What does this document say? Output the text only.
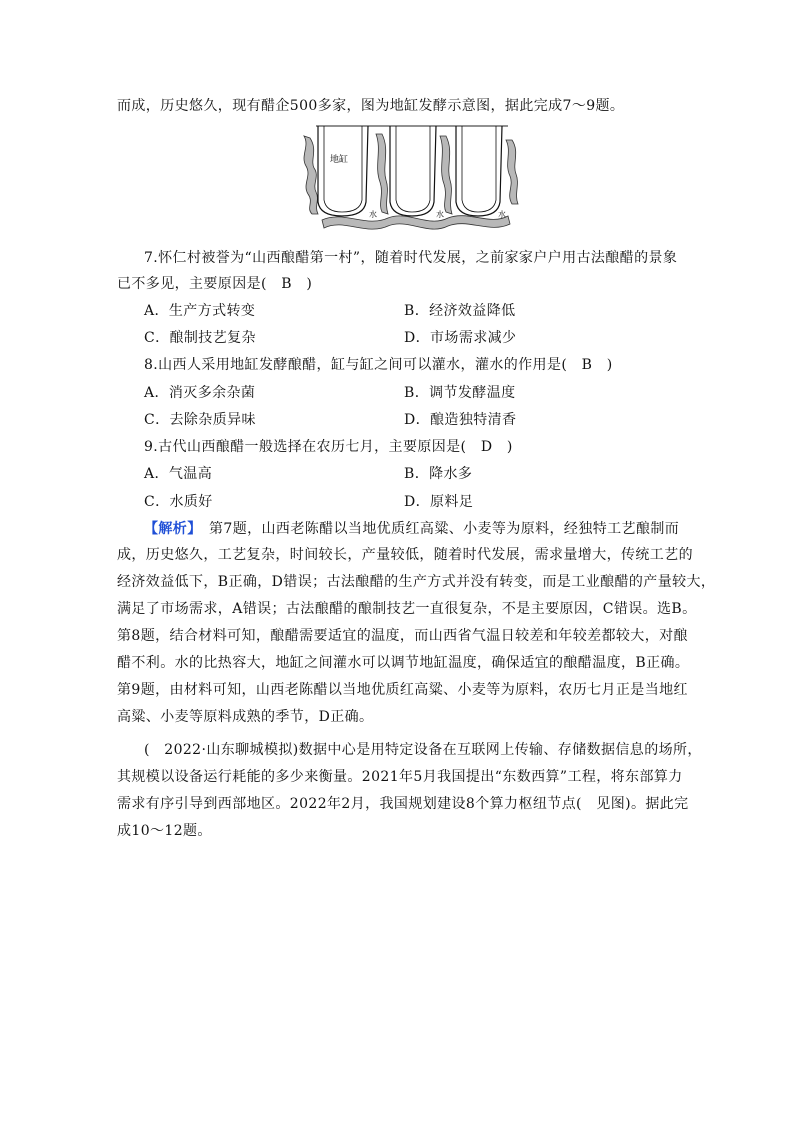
而成，历史悠久，现有醋企500多家，图为地缸发酵示意图，据此完成7～9题。
地缸
水	水	水
7.怀仁村被誉为“山西酿醋第一村”，随着时代发展，之前家家户户用古法酿醋的景象
已不多见，主要原因是(　B　)
A．生产方式转变	B．经济效益降低
C．酿制技艺复杂	D．市场需求减少
8.山西人采用地缸发酵酿醋，缸与缸之间可以灌水，灌水的作用是(　B　)
A．消灭多余杂菌	B．调节发酵温度
C．去除杂质异味	D．酿造独特清香
9.古代山西酿醋一般选择在农历七月，主要原因是(　D　)
A．气温高	B．降水多
C．水质好	D．原料足
【解析】　 第7题，山西老陈醋以当地优质红高粱、小麦等为原料，经独特工艺酿制而
成，历史悠久，工艺复杂，时间较长，产量较低，随着时代发展，需求量增大，传统工艺的
经济效益低下，B正确，D错误；古法酿醋的生产方式并没有转变，而是工业酿醋的产量较大，
满足了市场需求，A错误；古法酿醋的酿制技艺一直很复杂，不是主要原因，C错误。选B。
第8题，结合材料可知，酿醋需要适宜的温度，而山西省气温日较差和年较差都较大，对酿
醋不利。水的比热容大，地缸之间灌水可以调节地缸温度，确保适宜的酿醋温度，B正确。
第9题，由材料可知，山西老陈醋以当地优质红高粱、小麦等为原料，农历七月正是当地红
高粱、小麦等原料成熟的季节，D正确。
(　2022·山东聊城模拟)数据中心是用特定设备在互联网上传输、存储数据信息的场所，
其规模以设备运行耗能的多少来衡量。2021年5月我国提出“东数西算”工程，将东部算力
需求有序引导到西部地区。2022年2月，我国规划建设8个算力枢纽节点(　见图)。据此完
成10～12题。
